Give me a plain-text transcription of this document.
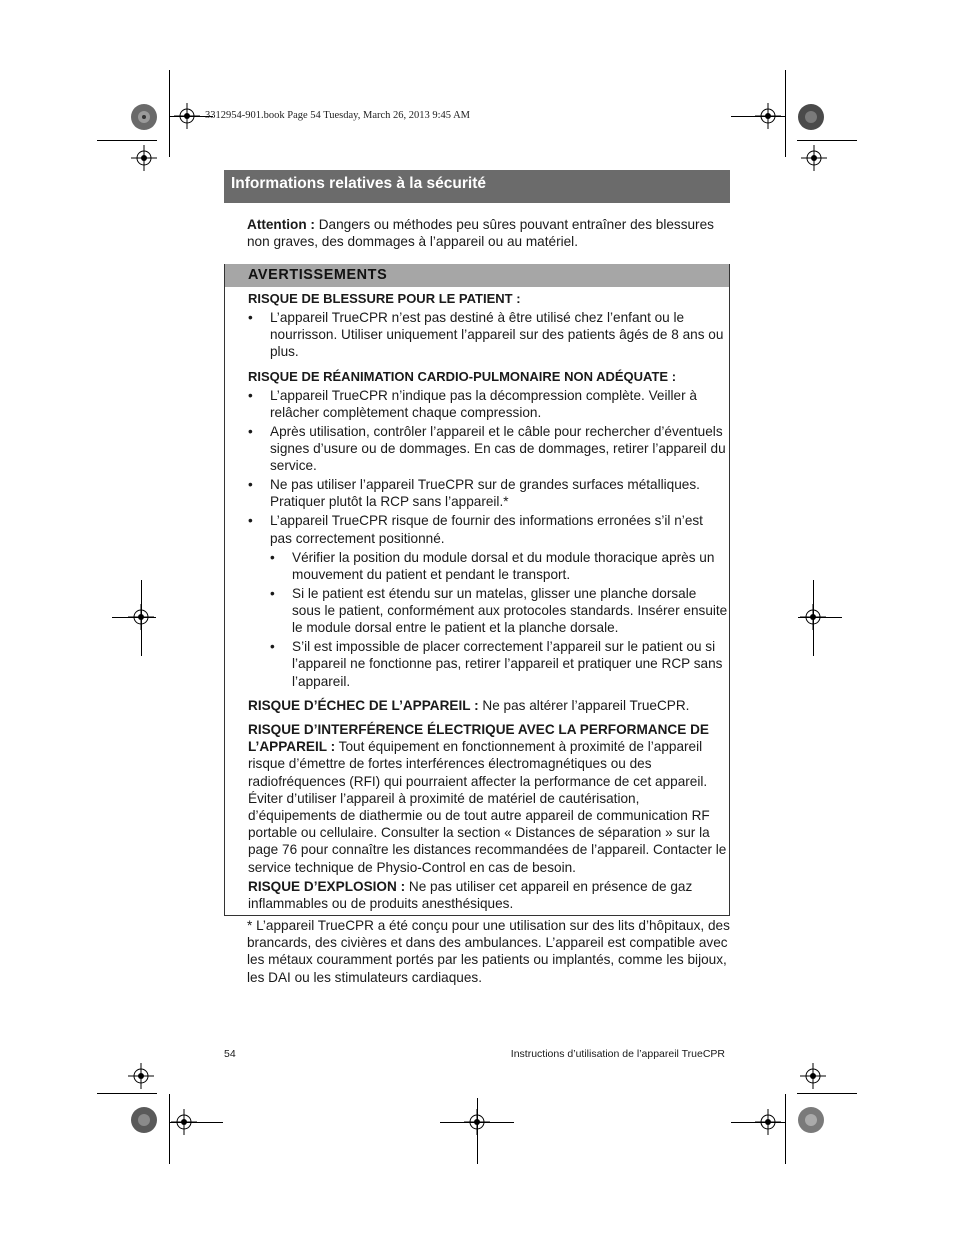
3312954-901.book Page 54 Tuesday, March 26, 2013 9:45 AM
Informations relatives à la sécurité
Attention : Dangers ou méthodes peu sûres pouvant entraîner des blessures non graves, des dommages à l’appareil ou au matériel.
AVERTISSEMENTS
RISQUE DE BLESSURE POUR LE PATIENT :
• L’appareil TrueCPR n’est pas destiné à être utilisé chez l’enfant ou le nourrisson. Utiliser uniquement l’appareil sur des patients âgés de 8 ans ou plus.
RISQUE DE RÉANIMATION CARDIO-PULMONAIRE NON ADÉQUATE :
• L’appareil TrueCPR n’indique pas la décompression complète. Veiller à relâcher complètement chaque compression.
• Après utilisation, contrôler l’appareil et le câble pour rechercher d’éventuels signes d’usure ou de dommages. En cas de dommages, retirer l’appareil du service.
• Ne pas utiliser l’appareil TrueCPR sur de grandes surfaces métalliques. Pratiquer plutôt la RCP sans l’appareil.*
• L’appareil TrueCPR risque de fournir des informations erronées s’il n’est pas correctement positionné.
• Vérifier la position du module dorsal et du module thoracique après un mouvement du patient et pendant le transport.
• Si le patient est étendu sur un matelas, glisser une planche dorsale sous le patient, conformément aux protocoles standards. Insérer ensuite le module dorsal entre le patient et la planche dorsale.
• S’il est impossible de placer correctement l’appareil sur le patient ou si l’appareil ne fonctionne pas, retirer l’appareil et pratiquer une RCP sans l’appareil.
RISQUE D’ÉCHEC DE L’APPAREIL : Ne pas altérer l’appareil TrueCPR.
RISQUE D’INTERFÉRENCE ÉLECTRIQUE AVEC LA PERFORMANCE DE L’APPAREIL : Tout équipement en fonctionnement à proximité de l’appareil risque d’émettre de fortes interférences électromagnétiques ou des radiofréquences (RFI) qui pourraient affecter la performance de cet appareil. Éviter d’utiliser l’appareil à proximité de matériel de cautérisation, d’équipements de diathermie ou de tout autre appareil de communication RF portable ou cellulaire. Consulter la section « Distances de séparation » sur la page 76 pour connaître les distances recommandées de l’appareil. Contacter le service technique de Physio-Control en cas de besoin.
RISQUE D’EXPLOSION : Ne pas utiliser cet appareil en présence de gaz inflammables ou de produits anesthésiques.
* L’appareil TrueCPR a été conçu pour une utilisation sur des lits d’hôpitaux, des brancards, des civières et dans des ambulances. L’appareil est compatible avec les métaux couramment portés par les patients ou implantés, comme les bijoux, les DAI ou les stimulateurs cardiaques.
54	Instructions d’utilisation de l’appareil TrueCPR
